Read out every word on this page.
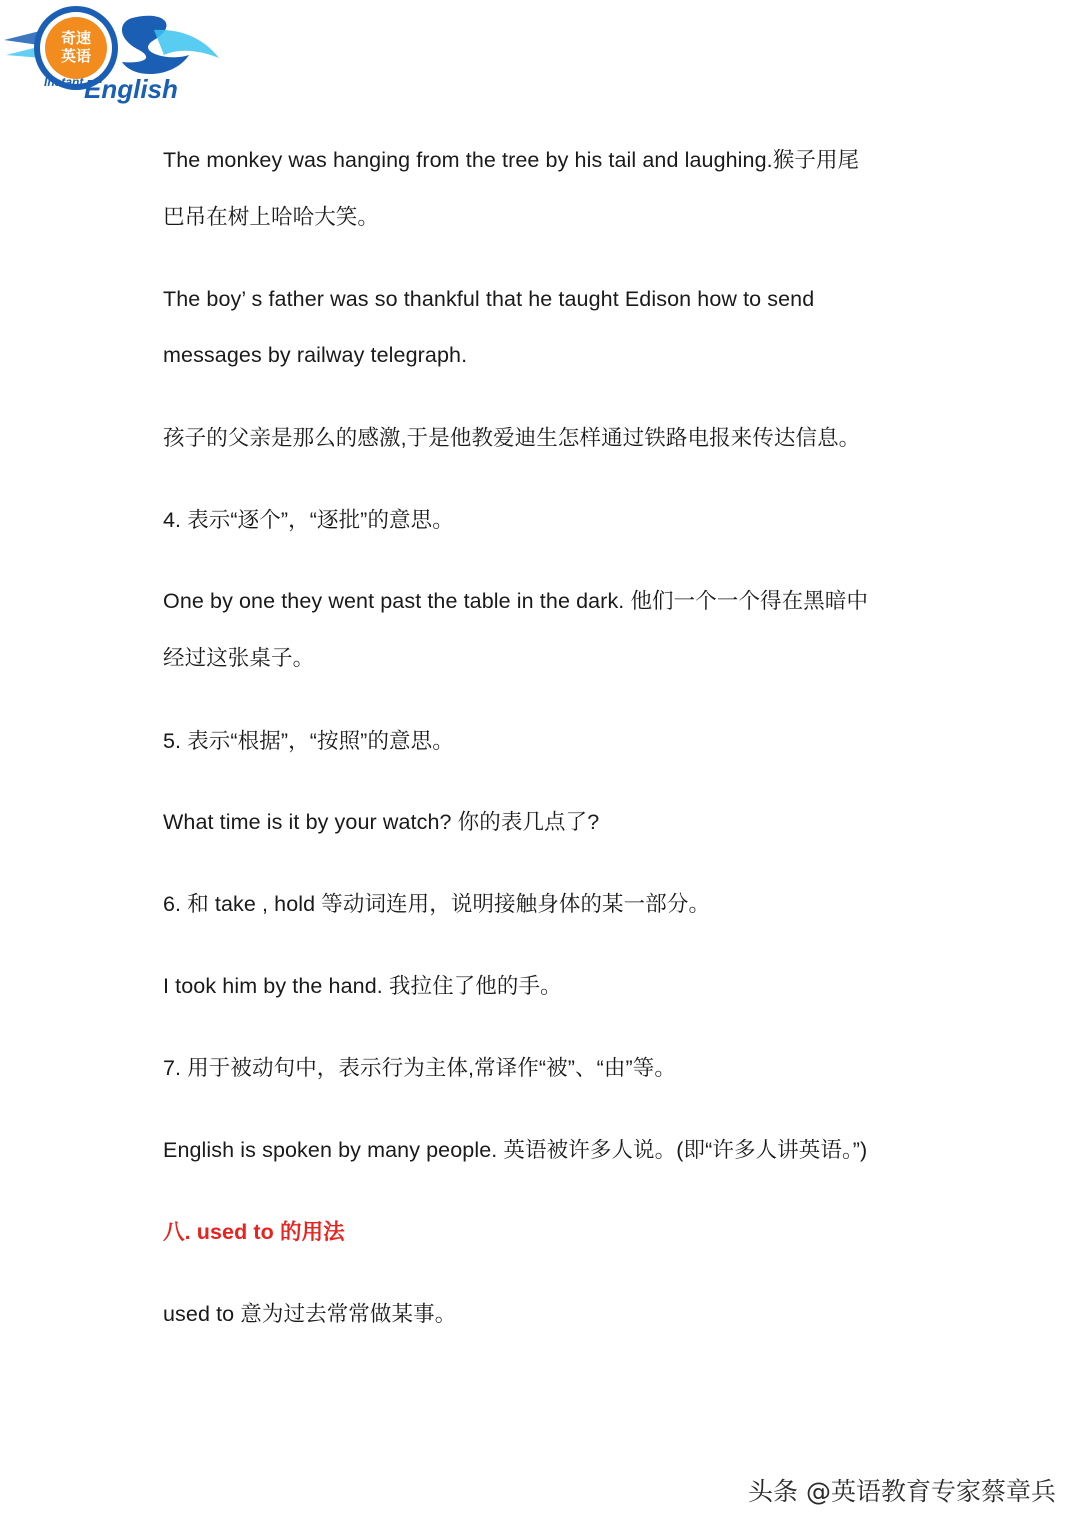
奇速
英语
Instant English
The monkey was hanging from the tree by his tail and laughing.猴子用尾
巴吊在树上哈哈大笑。
The boy’ s father was so thankful that he taught Edison how to send
messages by railway telegraph.
孩子的父亲是那么的感激,于是他教爱迪生怎样通过铁路电报来传达信息。
4. 表示“逐个”，“逐批”的意思。
One by one they went past the table in the dark. 他们一个一个得在黑暗中
经过这张桌子。
5. 表示“根据”，“按照”的意思。
What time is it by your watch? 你的表几点了?
6. 和 take , hold 等动词连用，说明接触身体的某一部分。
I took him by the hand. 我拉住了他的手。
7. 用于被动句中，表示行为主体,常译作“被”、“由”等。
English is spoken by many people. 英语被许多人说。(即“许多人讲英语。”)
八. used to 的用法
used to 意为过去常常做某事。
头条 @英语教育专家蔡章兵
